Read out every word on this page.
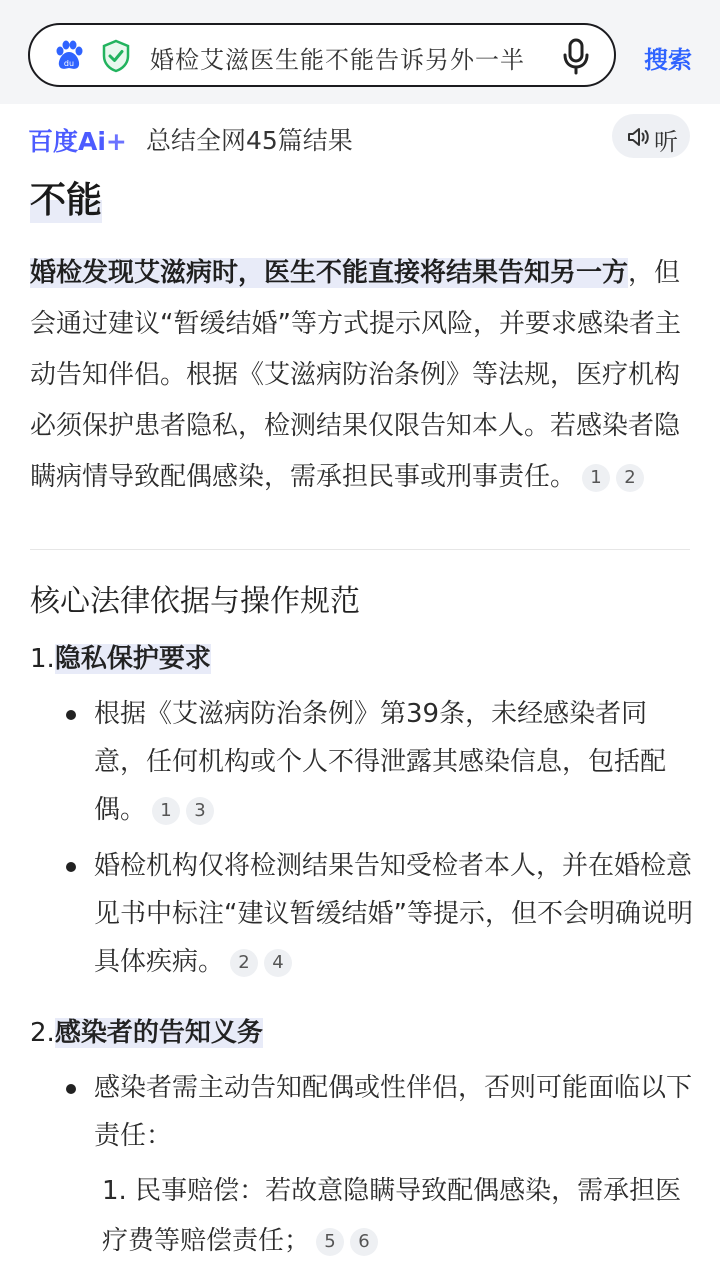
du	婚检艾滋医生能不能告诉另外一半	搜索
百度Ai+ 总结全网45篇结果	听
不能
婚检发现艾滋病时，医生不能直接将结果告知另一方，但会通过建议“暂缓结婚”等方式提示风险，并要求感染者主动告知伴侣。根据《艾滋病防治条例》等法规，医疗机构必须保护患者隐私，检测结果仅限告知本人。若感染者隐瞒病情导致配偶感染，需承担民事或刑事责任。 1 2
核心法律依据与操作规范
1.隐私保护要求
根据《艾滋病防治条例》第39条，未经感染者同意，任何机构或个人不得泄露其感染信息，包括配偶。 1 3
婚检机构仅将检测结果告知受检者本人，并在婚检意见书中标注“建议暂缓结婚”等提示，但不会明确说明具体疾病。 2 4
2.感染者的告知义务
感染者需主动告知配偶或性伴侣，否则可能面临以下责任：
1. 民事赔偿：若故意隐瞒导致配偶感染，需承担医疗费等赔偿责任； 5 6
